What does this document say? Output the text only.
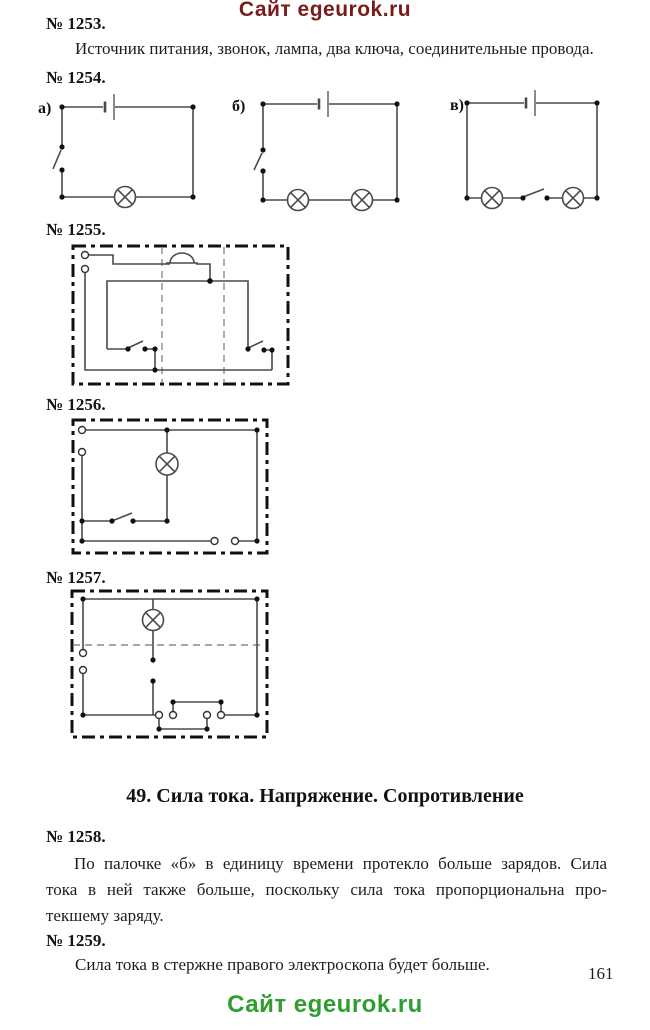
Сайт egeurok.ru
№ 1253.
Источник питания, звонок, лампа, два ключа, соединительные провода.
№ 1254.
а)	б)	в)
№ 1255.
№ 1256.
№ 1257.
49. Сила тока. Напряжение. Сопротивление
№ 1258.
По палочке «б» в единицу времени протекло больше зарядов. Сила
тока в ней также больше, поскольку сила тока пропорциональна про-
текшему заряду.
№ 1259.
Сила тока в стержне правого электроскопа будет больше.	161
Сайт egeurok.ru
